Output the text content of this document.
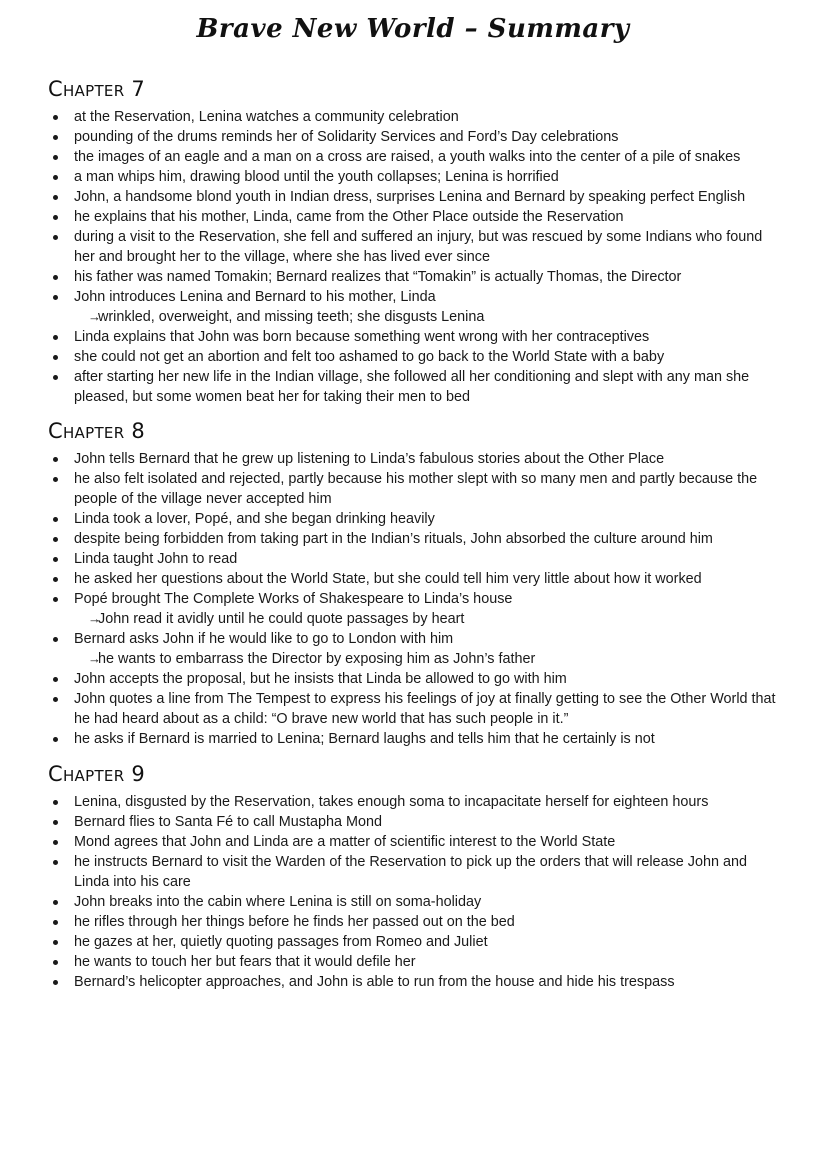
Brave New World – Summary
Chapter 7
at the Reservation, Lenina watches a community celebration
pounding of the drums reminds her of Solidarity Services and Ford’s Day celebrations
the images of an eagle and a man on a cross are raised, a youth walks into the center of a pile of snakes
a man whips him, drawing blood until the youth collapses; Lenina is horrified
John, a handsome blond youth in Indian dress, surprises Lenina and Bernard by speaking perfect English
he explains that his mother, Linda, came from the Other Place outside the Reservation
during a visit to the Reservation, she fell and suffered an injury, but was rescued by some Indians who found her and brought her to the village, where she has lived ever since
his father was named Tomakin; Bernard realizes that “Tomakin” is actually Thomas, the Director
John introduces Lenina and Bernard to his mother, Linda
→
wrinkled, overweight, and missing teeth; she disgusts Lenina
Linda explains that John was born because something went wrong with her contraceptives
she could not get an abortion and felt too ashamed to go back to the World State with a baby
after starting her new life in the Indian village, she followed all her conditioning and slept with any man she pleased, but some women beat her for taking their men to bed
Chapter 8
John tells Bernard that he grew up listening to Linda’s fabulous stories about the Other Place
he also felt isolated and rejected, partly because his mother slept with so many men and partly because the people of the village never accepted him
Linda took a lover, Popé, and she began drinking heavily
despite being forbidden from taking part in the Indian’s rituals, John absorbed the culture around him
Linda taught John to read
he asked her questions about the World State, but she could tell him very little about how it worked
Popé brought The Complete Works of Shakespeare to Linda’s house
→
John read it avidly until he could quote passages by heart
Bernard asks John if he would like to go to London with him
→
he wants to embarrass the Director by exposing him as John’s father
John accepts the proposal, but he insists that Linda be allowed to go with him
John quotes a line from The Tempest to express his feelings of joy at finally getting to see the Other World that he had heard about as a child: “O brave new world that has such people in it.”
he asks if Bernard is married to Lenina; Bernard laughs and tells him that he certainly is not
Chapter 9
Lenina, disgusted by the Reservation, takes enough soma to incapacitate herself for eighteen hours
Bernard flies to Santa Fé to call Mustapha Mond
Mond agrees that John and Linda are a matter of scientific interest to the World State
he instructs Bernard to visit the Warden of the Reservation to pick up the orders that will release John and Linda into his care
John breaks into the cabin where Lenina is still on soma-holiday
he rifles through her things before he finds her passed out on the bed
he gazes at her, quietly quoting passages from Romeo and Juliet
he wants to touch her but fears that it would defile her
Bernard’s helicopter approaches, and John is able to run from the house and hide his trespass
